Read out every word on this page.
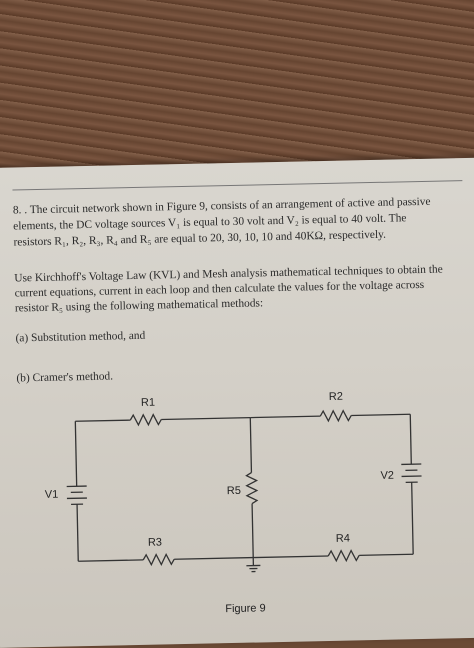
8. . The circuit network shown in Figure 9, consists of an arrangement of active and passive
elements, the DC voltage sources V₁ is equal to 30 volt and V₂ is equal to 40 volt. The
resistors R₁, R₂, R₃, R₄ and R₅ are equal to 20, 30, 10, 10 and 40KΩ, respectively.
Use Kirchhoff's Voltage Law (KVL) and Mesh analysis mathematical techniques to obtain the
current equations, current in each loop and then calculate the values for the voltage across
resistor R₅ using the following mathematical methods:
(a) Substitution method, and
(b) Cramer's method.
R1	R2
R3	R4
R5
V1
V2
Figure 9
